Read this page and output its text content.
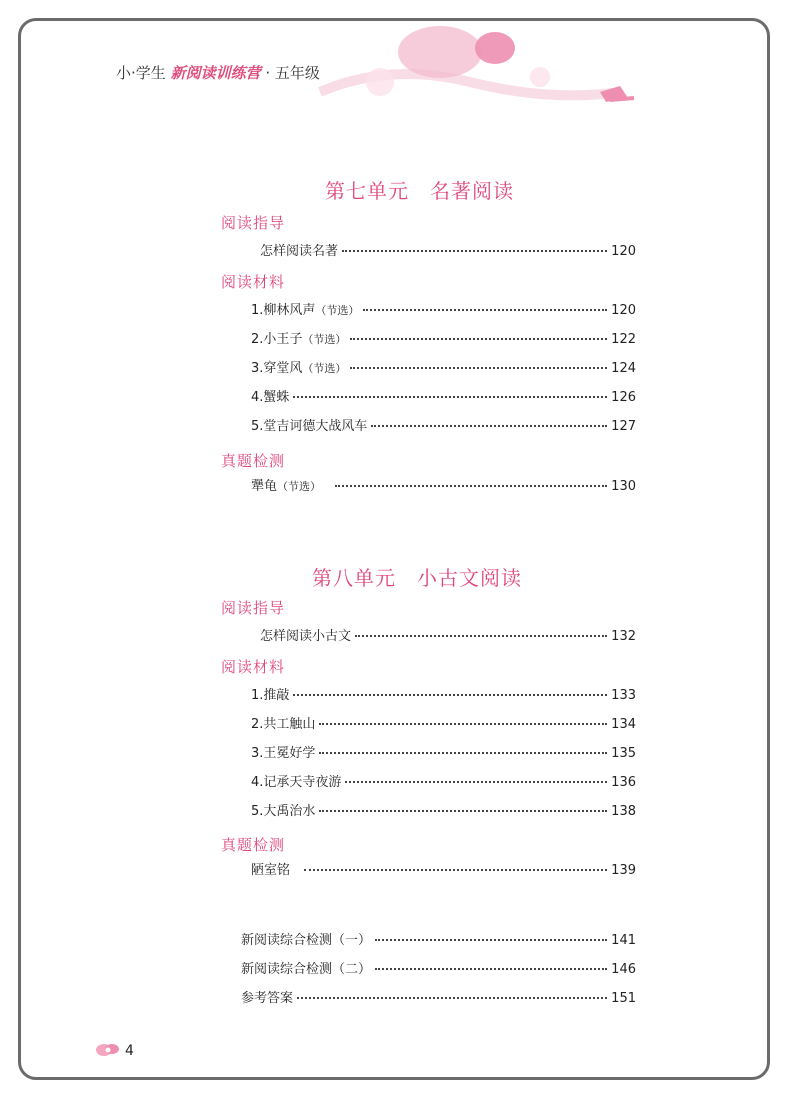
小·学生 新阅读训练营 · 五年级
第七单元　名著阅读
阅读指导
怎样阅读名著	120
阅读材料
1.柳林风声 （节选）	120
2.小王子 （节选）	122
3.穿堂风 （节选）	124
4.蟹蛛	126
5.堂吉诃德大战风车	127
真题检测
犟龟 （节选）	130
第八单元　小古文阅读
阅读指导
怎样阅读小古文	132
阅读材料
1.推敲	133
2.共工触山	134
3.王冕好学	135
4.记承天寺夜游	136
5.大禹治水	138
真题检测
陋室铭	139
新阅读综合检测（一）	141
新阅读综合检测（二）	146
参考答案	151
4
